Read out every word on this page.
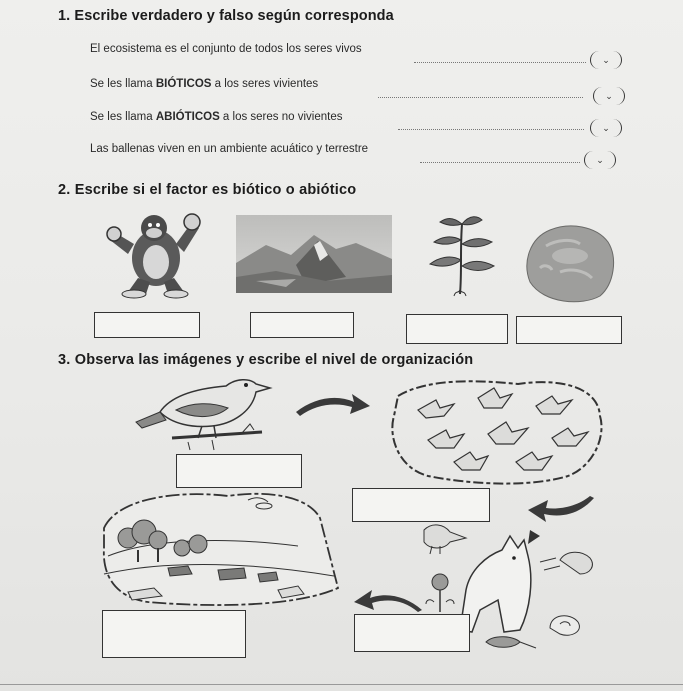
1. Escribe verdadero y falso según corresponda
El ecosistema es el conjunto de todos los seres vivos
⌄
Se les llama BIÓTICOS a los seres vivientes
⌄
Se les llama ABIÓTICOS a los seres no vivientes
⌄
Las ballenas viven en un ambiente acuático y terrestre
⌄
2. Escribe si el factor es biótico o abiótico
3. Observa las imágenes y escribe el nivel de organización
